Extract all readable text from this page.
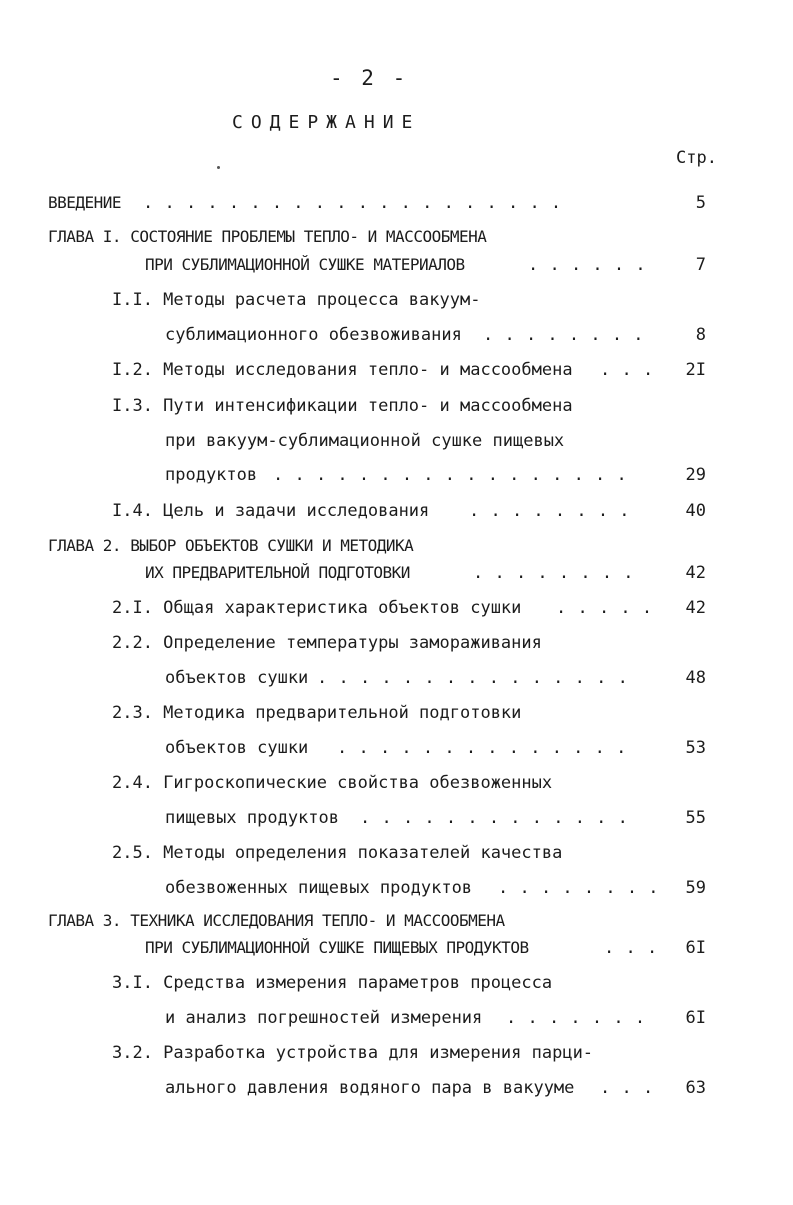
- 2 -
СОДЕРЖАНИЕ
Стр.
ВВЕДЕНИЕ . . . . . . . . . . . . . . . . . . . .	5
ГЛАВА I. СОСТОЯНИЕ ПРОБЛЕМЫ ТЕПЛО- И МАССООБМЕНА
ПРИ СУБЛИМАЦИОННОЙ СУШКЕ МАТЕРИАЛОВ	. . . . . .	7
I.I. Методы расчета процесса вакуум-
сублимационного обезвоживания . . . . . . . .	8
I.2. Методы исследования тепло- и массообмена . . .	2I
I.3. Пути интенсификации тепло- и массообмена
при вакуум-сублимационной сушке пищевых
продуктов . . . . . . . . . . . . . . . . .	29
I.4. Цель и задачи исследования . . . . . . . .	40
ГЛАВА 2. ВЫБОР ОБЪЕКТОВ СУШКИ И МЕТОДИКА
ИХ ПРЕДВАРИТЕЛЬНОЙ ПОДГОТОВКИ	. . . . . . . .	42
2.I. Общая характеристика объектов сушки . . . . .	42
2.2. Определение температуры замораживания
объектов сушки . . . . . . . . . . . . . . .	48
2.3. Методика предварительной подготовки
объектов сушки . . . . . . . . . . . . . .	53
2.4. Гигроскопические свойства обезвоженных
пищевых продуктов . . . . . . . . . . . . .	55
2.5. Методы определения показателей качества
обезвоженных пищевых продуктов . . . . . . . .	59
ГЛАВА 3. ТЕХНИКА ИССЛЕДОВАНИЯ ТЕПЛО- И МАССООБМЕНА
ПРИ СУБЛИМАЦИОННОЙ СУШКЕ ПИЩЕВЫХ ПРОДУКТОВ	. . .	6I
3.I. Средства измерения параметров процесса
и анализ погрешностей измерения . . . . . . .	6I
3.2. Разработка устройства для измерения парци-
ального давления водяного пара в вакууме . . .	63
